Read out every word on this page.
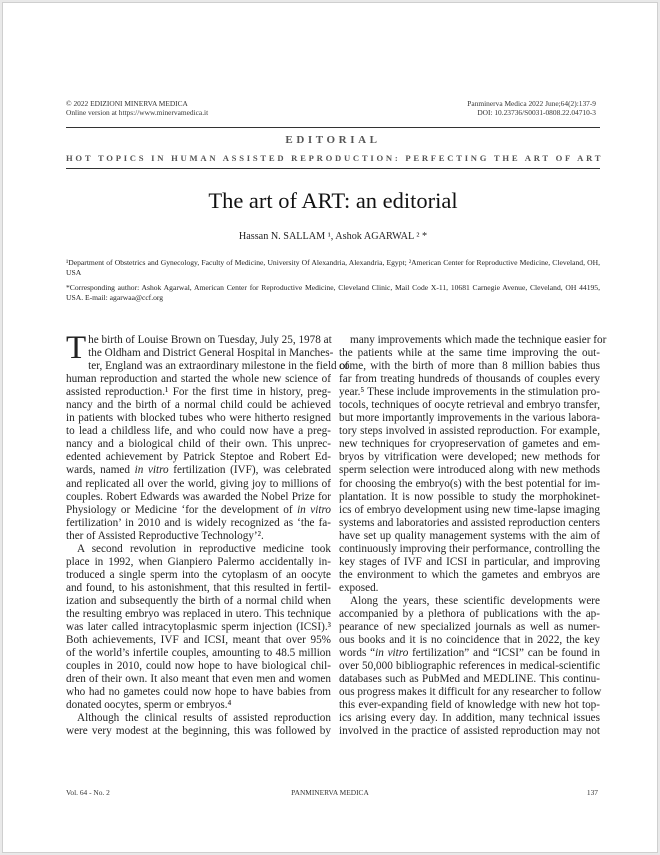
© 2022 EDIZIONI MINERVA MEDICA
Online version at https://www.minervamedica.it
Panminerva Medica 2022 June;64(2):137-9
DOI: 10.23736/S0031-0808.22.04710-3
EDITORIAL
HOT TOPICS IN HUMAN ASSISTED REPRODUCTION: PERFECTING THE ART OF ART
The art of ART: an editorial
Hassan N. SALLAM ¹, Ashok AGARWAL ² *
¹Department of Obstetrics and Gynecology, Faculty of Medicine, University Of Alexandria, Alexandria, Egypt; ²American Center for Reproductive Medicine, Cleveland, OH, USA
*Corresponding author: Ashok Agarwal, American Center for Reproductive Medicine, Cleveland Clinic, Mail Code X-11, 10681 Carnegie Avenue, Cleveland, OH 44195, USA. E-mail: agarwaa@ccf.org
T he birth of Louise Brown on Tuesday, July 25, 1978 at
the Oldham and District General Hospital in Manches-
ter, England was an extraordinary milestone in the field of
human reproduction and started the whole new science of
assisted reproduction.¹ For the first time in history, preg-
nancy and the birth of a normal child could be achieved
in patients with blocked tubes who were hitherto resigned
to lead a childless life, and who could now have a preg-
nancy and a biological child of their own. This unprec-
edented achievement by Patrick Steptoe and Robert Ed-
wards, named in vitro fertilization (IVF), was celebrated
and replicated all over the world, giving joy to millions of
couples. Robert Edwards was awarded the Nobel Prize for
Physiology or Medicine ‘for the development of in vitro
fertilization’ in 2010 and is widely recognized as ‘the fa-
ther of Assisted Reproductive Technology’².
A second revolution in reproductive medicine took
place in 1992, when Gianpiero Palermo accidentally in-
troduced a single sperm into the cytoplasm of an oocyte
and found, to his astonishment, that this resulted in fertil-
ization and subsequently the birth of a normal child when
the resulting embryo was replaced in utero. This technique
was later called intracytoplasmic sperm injection (ICSI).³
Both achievements, IVF and ICSI, meant that over 95%
of the world’s infertile couples, amounting to 48.5 million
couples in 2010, could now hope to have biological chil-
dren of their own. It also meant that even men and women
who had no gametes could now hope to have babies from
donated oocytes, sperm or embryos.⁴
Although the clinical results of assisted reproduction
were very modest at the beginning, this was followed by
many improvements which made the technique easier for
the patients while at the same time improving the out-
come, with the birth of more than 8 million babies thus
far from treating hundreds of thousands of couples every
year.⁵ These include improvements in the stimulation pro-
tocols, techniques of oocyte retrieval and embryo transfer,
but more importantly improvements in the various labora-
tory steps involved in assisted reproduction. For example,
new techniques for cryopreservation of gametes and em-
bryos by vitrification were developed; new methods for
sperm selection were introduced along with new methods
for choosing the embryo(s) with the best potential for im-
plantation. It is now possible to study the morphokinet-
ics of embryo development using new time-lapse imaging
systems and laboratories and assisted reproduction centers
have set up quality management systems with the aim of
continuously improving their performance, controlling the
key stages of IVF and ICSI in particular, and improving
the environment to which the gametes and embryos are
exposed.
Along the years, these scientific developments were
accompanied by a plethora of publications with the ap-
pearance of new specialized journals as well as numer-
ous books and it is no coincidence that in 2022, the key
words “in vitro fertilization” and “ICSI” can be found in
over 50,000 bibliographic references in medical-scientific
databases such as PubMed and MEDLINE. This continu-
ous progress makes it difficult for any researcher to follow
this ever-expanding field of knowledge with new hot top-
ics arising every day. In addition, many technical issues
involved in the practice of assisted reproduction may not
Vol. 64 - No. 2	PANMINERVA MEDICA	137
